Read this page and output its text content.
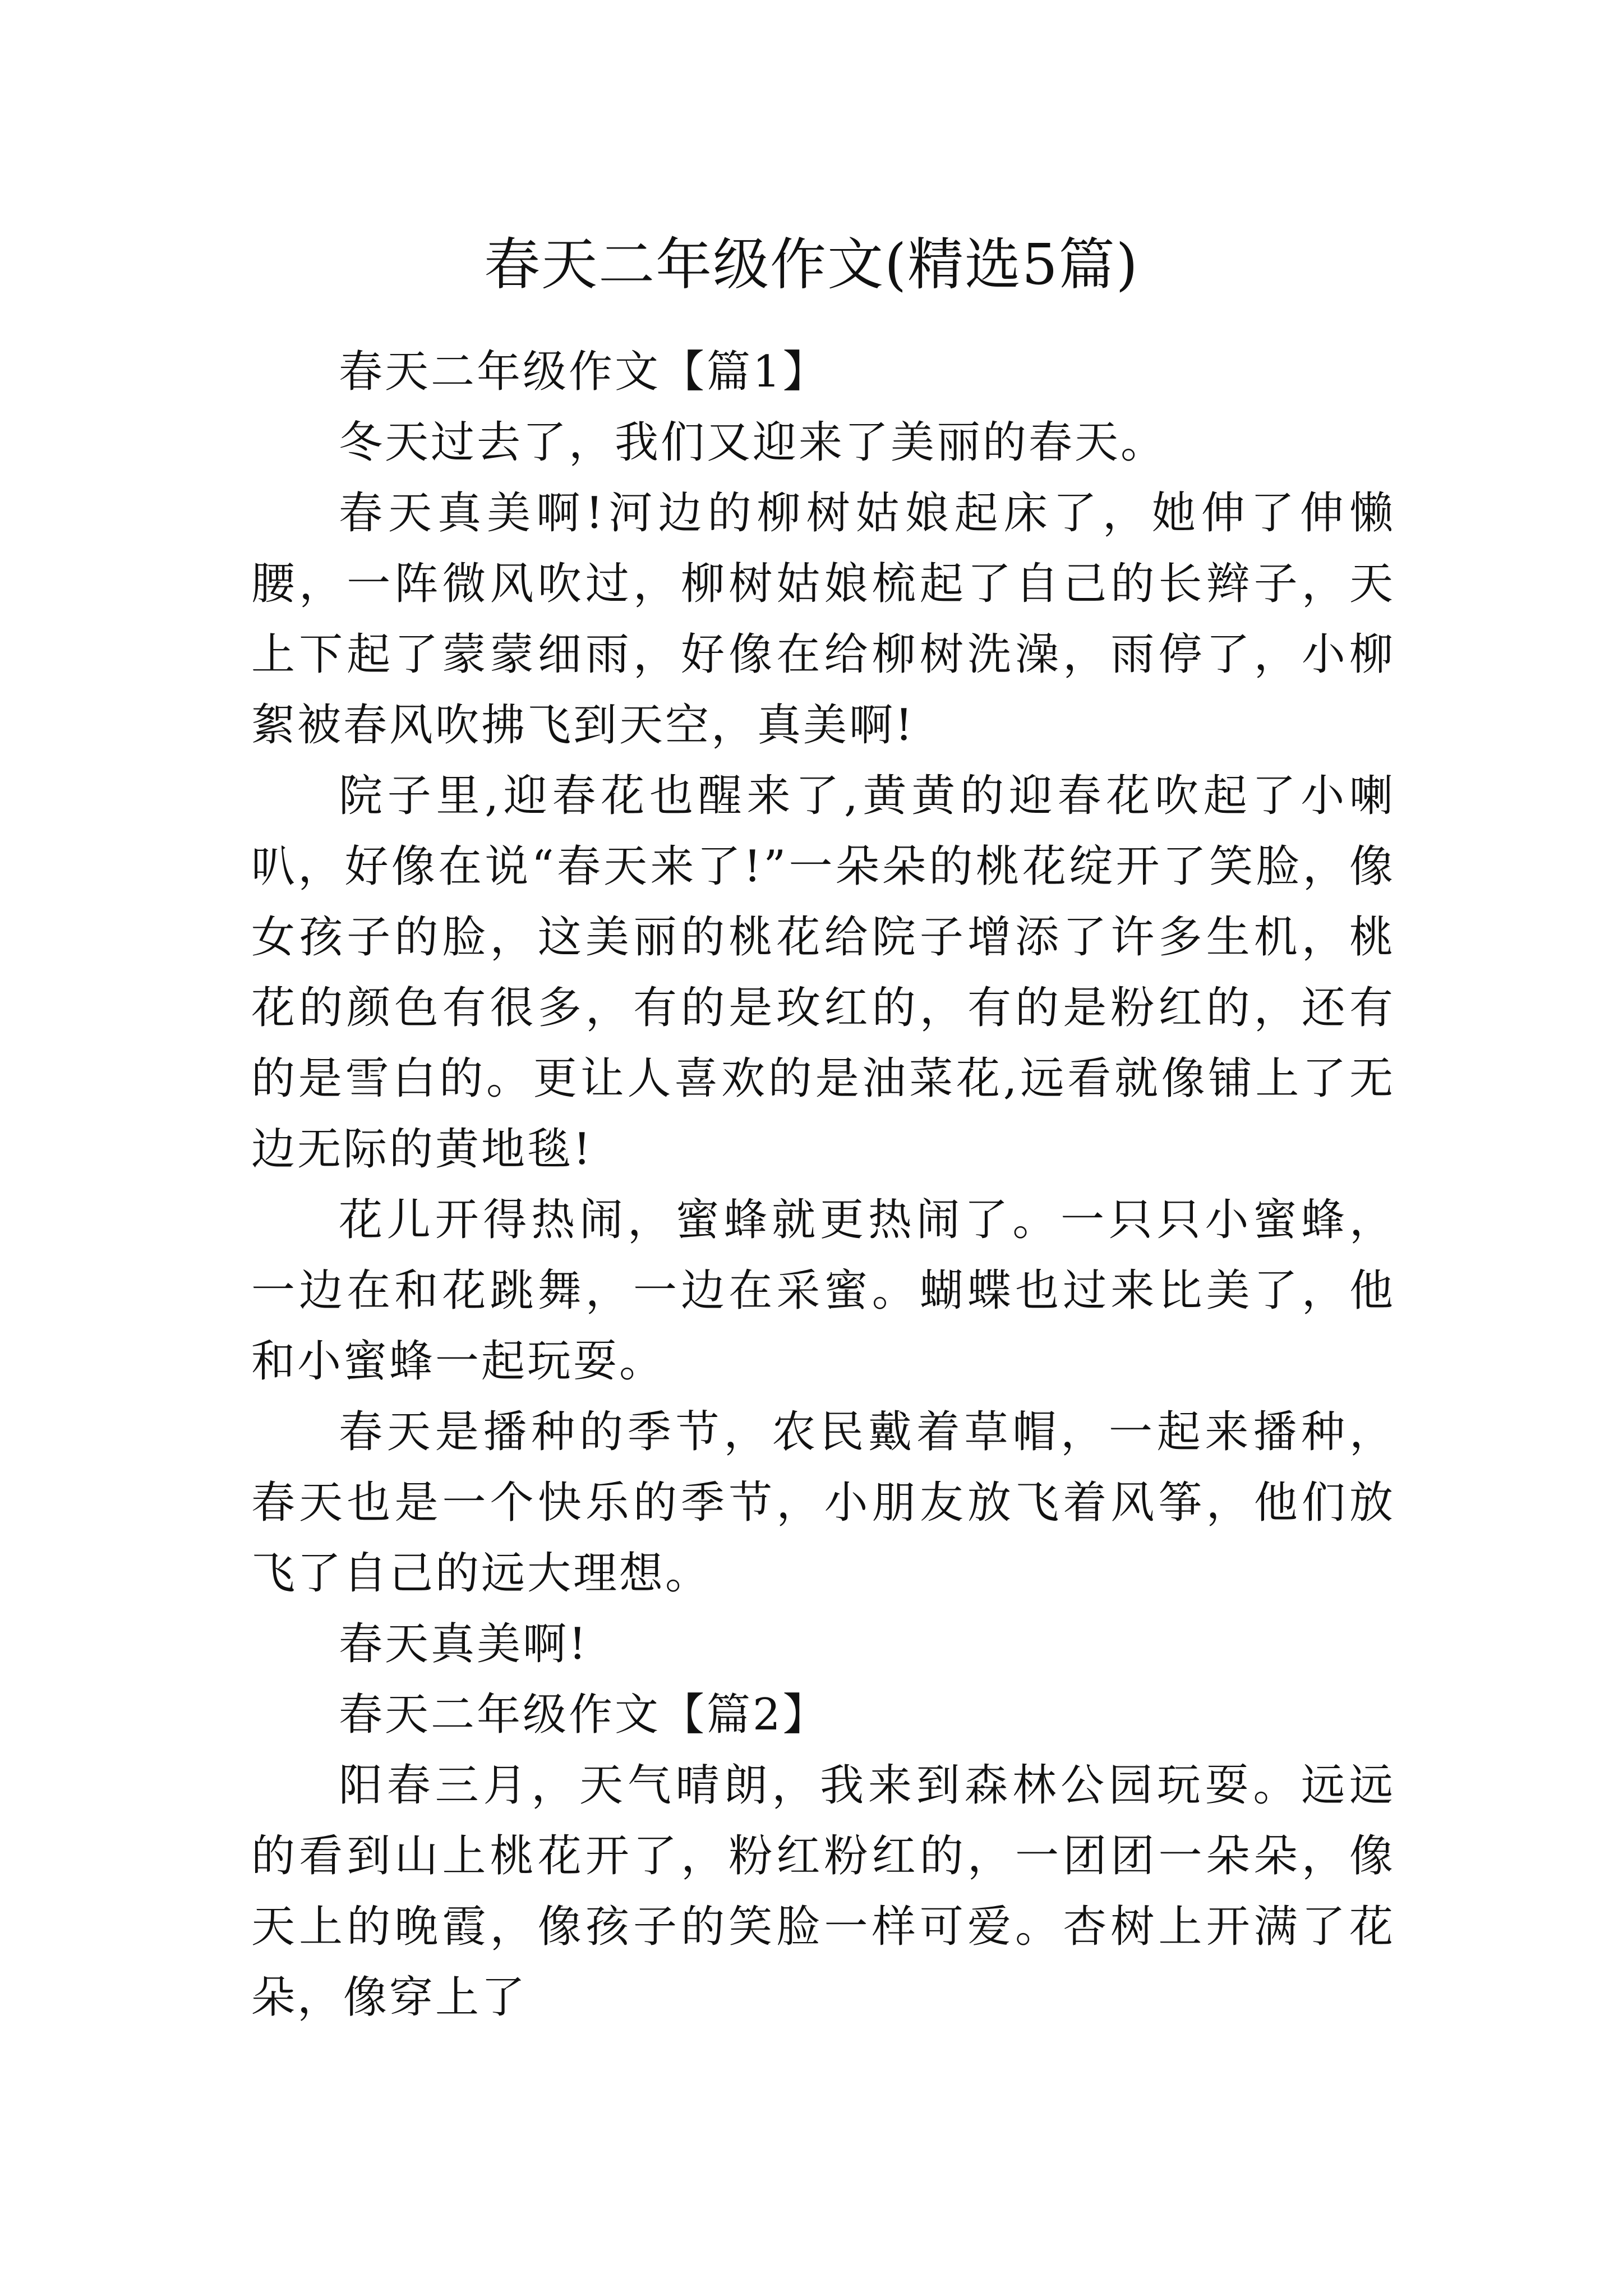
春天二年级作文(精选5篇)

春天二年级作文【篇1】

冬天过去了，我们又迎来了美丽的春天。

春天真美啊!河边的柳树姑娘起床了，她伸了伸懒腰，一阵微风吹过，柳树姑娘梳起了自己的长辫子，天上下起了蒙蒙细雨，好像在给柳树洗澡，雨停了，小柳絮被春风吹拂飞到天空，真美啊!

院子里,迎春花也醒来了,黄黄的迎春花吹起了小喇叭，好像在说“春天来了!”一朵朵的桃花绽开了笑脸，像女孩子的脸，这美丽的桃花给院子增添了许多生机，桃花的颜色有很多，有的是玫红的，有的是粉红的，还有的是雪白的。更让人喜欢的是油菜花,远看就像铺上了无边无际的黄地毯!

花儿开得热闹，蜜蜂就更热闹了。一只只小蜜蜂，一边在和花跳舞，一边在采蜜。蝴蝶也过来比美了，他和小蜜蜂一起玩耍。

春天是播种的季节，农民戴着草帽，一起来播种，春天也是一个快乐的季节，小朋友放飞着风筝，他们放飞了自己的远大理想。

春天真美啊!

春天二年级作文【篇2】

阳春三月，天气晴朗，我来到森林公园玩耍。远远的看到山上桃花开了，粉红粉红的，一团团一朵朵，像天上的晚霞，像孩子的笑脸一样可爱。杏树上开满了花朵，像穿上了
